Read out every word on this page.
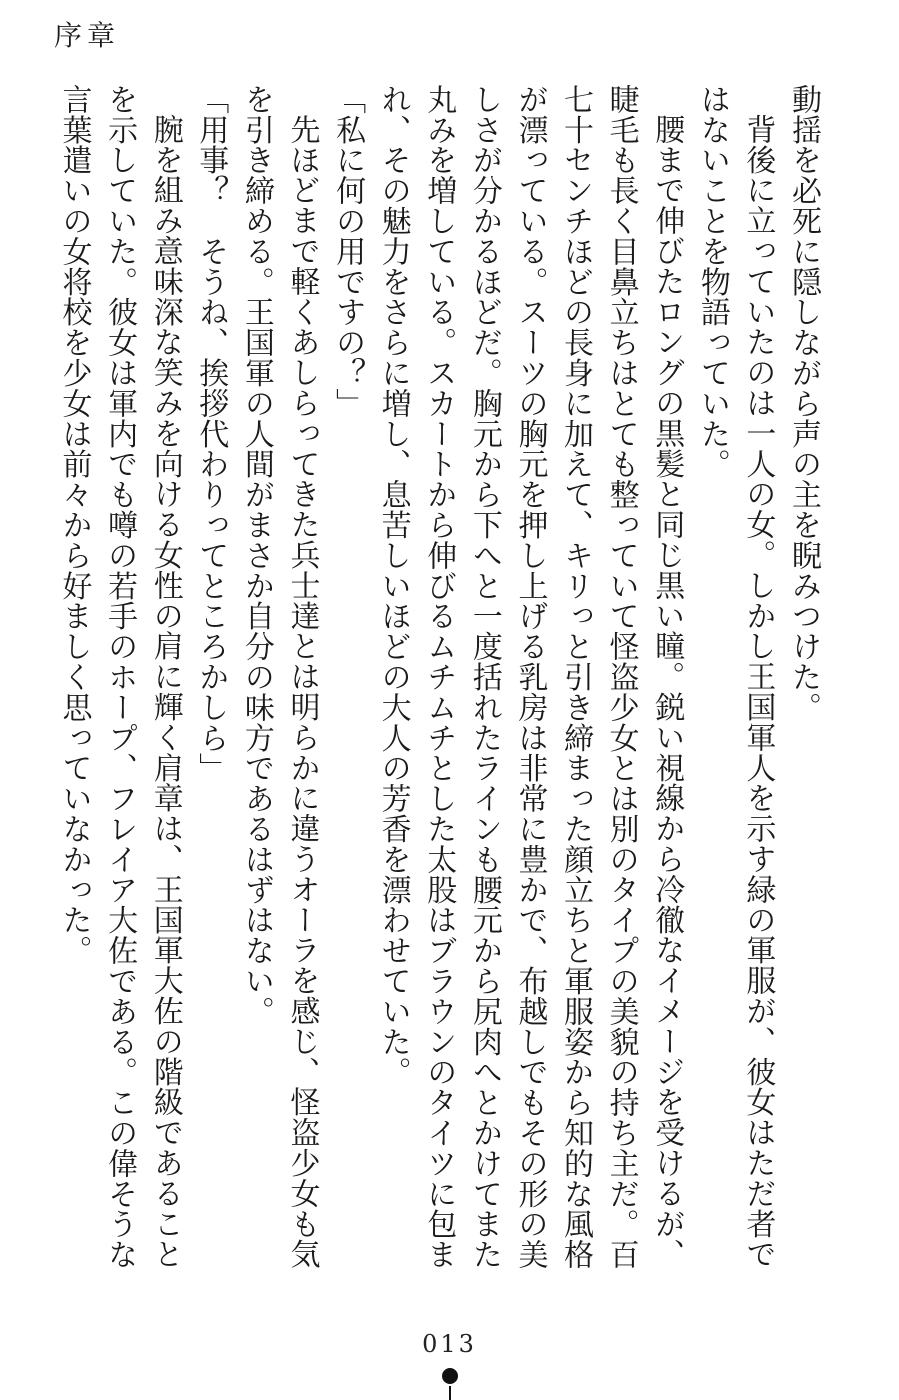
序章

動揺を必死に隠しながら声の主を睨みつけた。

背後に立っていたのは一人の女。しかし王国軍人を示す緑の軍服が、彼女はただ者ではないことを物語っていた。

腰まで伸びたロングの黒髪と同じ黒い瞳。鋭い視線から冷徹なイメージを受けるが、睫毛も長く目鼻立ちはとても整っていて怪盗少女とは別のタイプの美貌の持ち主だ。百七十センチほどの長身に加えて、キリっと引き締まった顔立ちと軍服姿から知的な風格が漂っている。スーツの胸元を押し上げる乳房は非常に豊かで、布越しでもその形の美しさが分かるほどだ。胸元から下へと一度括れたラインも腰元から尻肉へとかけてまた丸みを増している。スカートから伸びるムチムチとした太股はブラウンのタイツに包まれ、その魅力をさらに増し、息苦しいほどの大人の芳香を漂わせていた。

「私に何の用ですの？」

先ほどまで軽くあしらってきた兵士達とは明らかに違うオーラを感じ、怪盗少女も気を引き締める。王国軍の人間がまさか自分の味方であるはずはない。

「用事？　そうね、挨拶代わりってところかしら」

腕を組み意味深な笑みを向ける女性の肩に輝く肩章は、王国軍大佐の階級であることを示していた。彼女は軍内でも噂の若手のホープ、フレイア大佐である。この偉そうな言葉遣いの女将校を少女は前々から好ましく思っていなかった。

013
